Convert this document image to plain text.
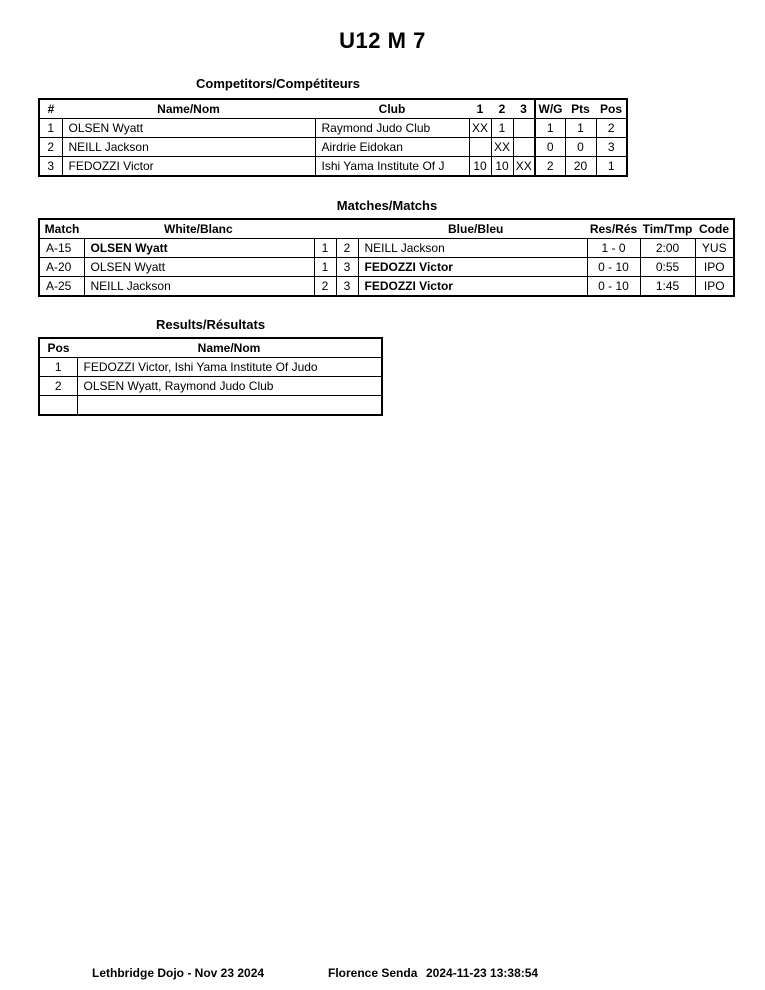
U12 M 7
Competitors/Compétiteurs
#	Name/Nom	Club	1	2	3	W/G	Pts	Pos
1	OLSEN Wyatt	Raymond Judo Club	XX	1		1	1	2
2	NEILL Jackson	Airdrie Eidokan		XX		0	0	3
3	FEDOZZI Victor	Ishi Yama Institute Of J	10	10	XX	2	20	1
Matches/Matchs
Match	White/Blanc			Blue/Bleu	Res/Rés	Tim/Tmp	Code
A-15	OLSEN Wyatt	1	2	NEILL Jackson	1 - 0	2:00	YUS
A-20	OLSEN Wyatt	1	3	FEDOZZI Victor	0 - 10	0:55	IPO
A-25	NEILL Jackson	2	3	FEDOZZI Victor	0 - 10	1:45	IPO
Results/Résultats
Pos	Name/Nom
1	FEDOZZI Victor, Ishi Yama Institute Of Judo
2	OLSEN Wyatt, Raymond Judo Club

Lethbridge Dojo - Nov 23 2024	Florence Senda 2024-11-23 13:38:54
